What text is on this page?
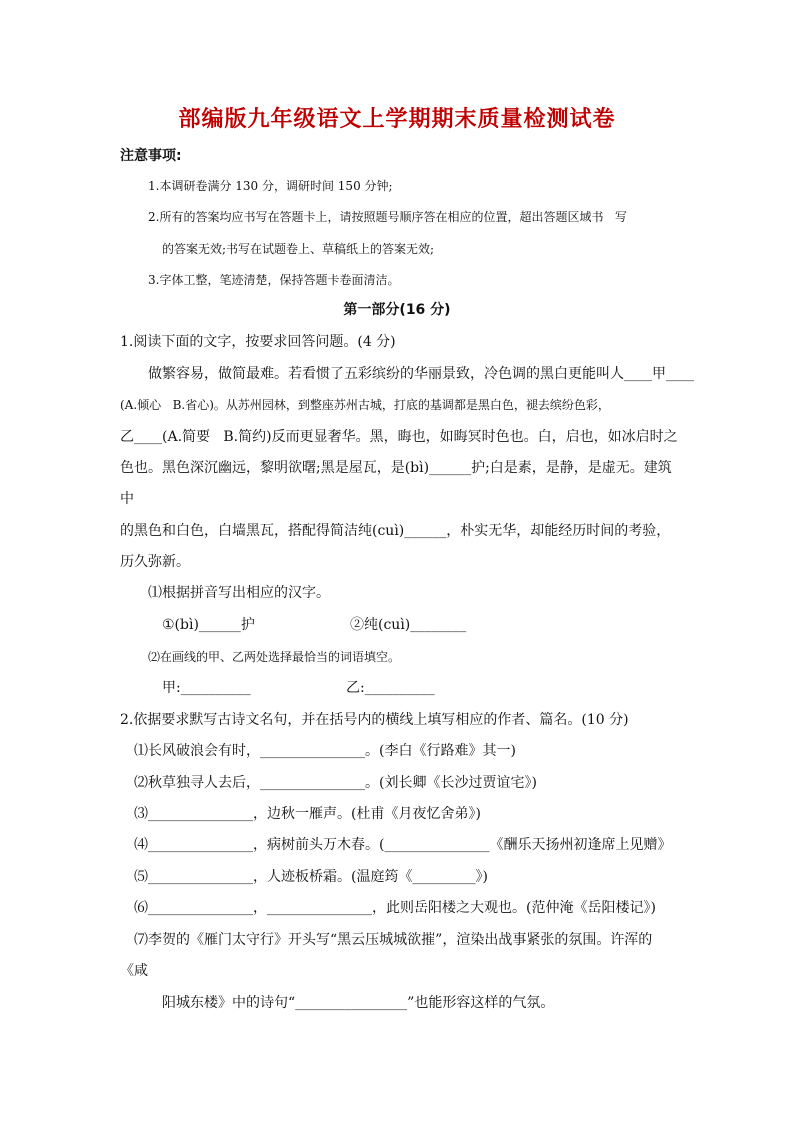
部编版九年级语文上学期期末质量检测试卷
注意事项:
1.本调研卷满分 130 分，调研时间 150 分钟;
2.所有的答案均应书写在答题卡上，请按照题号顺序答在相应的位置，超出答题区域书   写
的答案无效;书写在试题卷上、草稿纸上的答案无效;
3.字体工整，笔迹清楚，保持答题卡卷面清洁。
第一部分(16 分)
1.阅读下面的文字，按要求回答问题。(4 分)
做繁容易，做简最难。若看惯了五彩缤纷的华丽景致，冷色调的黑白更能叫人____甲____
(A.倾心   B.省心)。从苏州园林，到整座苏州古城，打底的基调都是黑白色，褪去缤纷色彩，
乙____(A.简要   B.简约)反而更显奢华。黑，晦也，如晦冥时色也。白，启也，如冰启时之
色也。黑色深沉幽远，黎明欲曙;黑是屋瓦，是(bì)______护;白是素，是静，是虚无。建筑
中
的黑色和白色，白墙黑瓦，搭配得简洁纯(cuì)______，朴实无华，却能经历时间的考验，
历久弥新。
⑴根据拼音写出相应的汉字。
①(bì)______护	②纯(cuì)________
⑵在画线的甲、乙两处选择最恰当的词语填空。
甲:__________	乙:__________
2.依据要求默写古诗文名句，并在括号内的横线上填写相应的作者、篇名。(10 分)
⑴长风破浪会有时，_______________。(李白《行路难》其一)
⑵秋草独寻人去后，_______________。(刘长卿《长沙过贾谊宅》)
⑶_______________，边秋一雁声。(杜甫《月夜忆舍弟》)
⑷_______________，病树前头万木春。(_______________《酬乐天扬州初逢席上见赠》
⑸_______________，人迹板桥霜。(温庭筠《_________》)
⑹_______________，_______________，此则岳阳楼之大观也。(范仲淹《岳阳楼记》)
⑺李贺的《雁门太守行》开头写“黑云压城城欲摧”，渲染出战事紧张的氛围。许浑的
《咸
阳城东楼》中的诗句“________________”也能形容这样的气氛。
